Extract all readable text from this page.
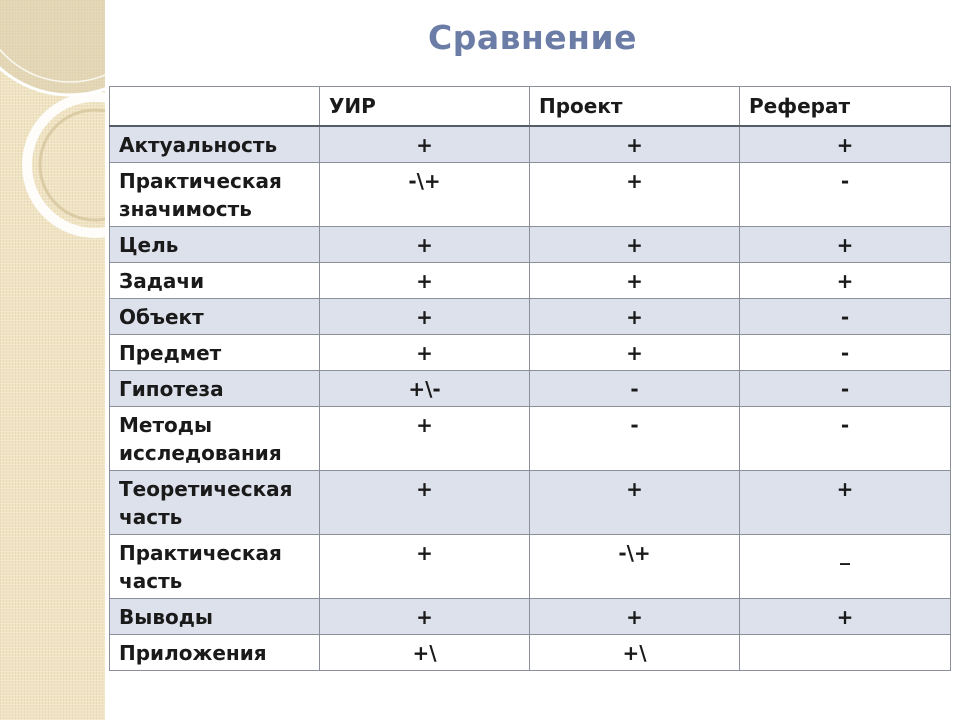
Сравнение
	УИР	Проект	Реферат
Актуальность	+	+	+
Практическая значимость	-\+	+	-
Цель	+	+	+
Задачи	+	+	+
Объект	+	+	-
Предмет	+	+	-
Гипотеза	+\-	-	-
Методы исследования	+	-	-
Теоретическая часть	+	+	+
Практическая часть	+	-\+	_
Выводы	+	+	+
Приложения	+\	+\	
